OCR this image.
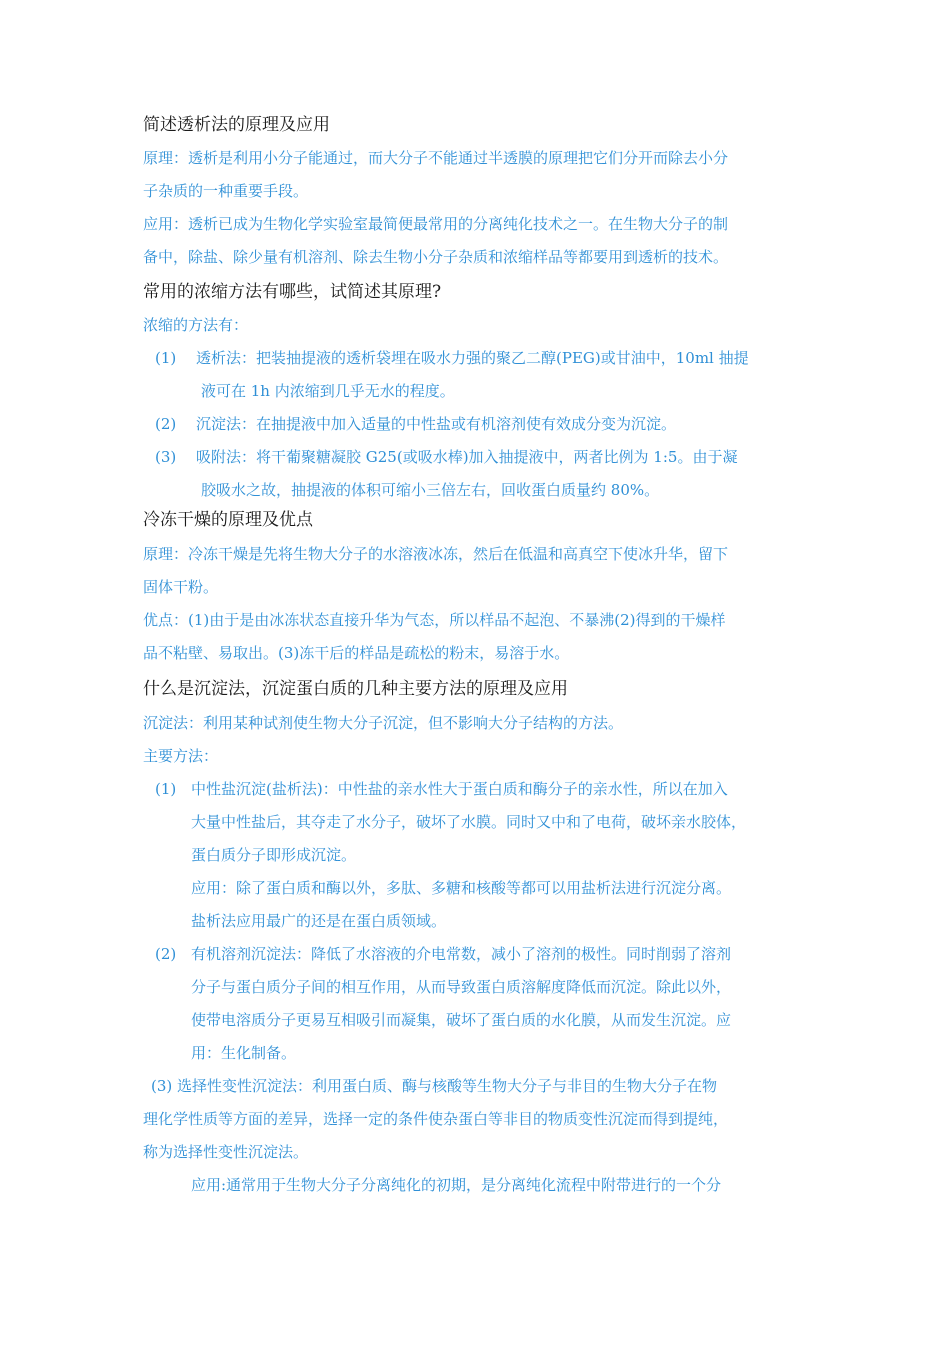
简述透析法的原理及应用
原理：透析是利用小分子能通过，而大分子不能通过半透膜的原理把它们分开而除去小分
子杂质的一种重要手段。
应用：透析已成为生物化学实验室最简便最常用的分离纯化技术之一。在生物大分子的制
备中，除盐、除少量有机溶剂、除去生物小分子杂质和浓缩样品等都要用到透析的技术。
常用的浓缩方法有哪些，试简述其原理?
浓缩的方法有：
(1) 透析法：把装抽提液的透析袋埋在吸水力强的聚乙二醇(PEG)或甘油中，10ml 抽提
液可在 1h 内浓缩到几乎无水的程度。
(2) 沉淀法：在抽提液中加入适量的中性盐或有机溶剂使有效成分变为沉淀。
(3) 吸附法：将干葡聚糖凝胶 G25(或吸水棒)加入抽提液中，两者比例为 1:5。由于凝
胶吸水之故，抽提液的体积可缩小三倍左右，回收蛋白质量约 80%。
冷冻干燥的原理及优点
原理：冷冻干燥是先将生物大分子的水溶液冰冻，然后在低温和高真空下使冰升华，留下
固体干粉。
优点：(1)由于是由冰冻状态直接升华为气态，所以样品不起泡、不暴沸(2)得到的干燥样
品不粘壁、易取出。(3)冻干后的样品是疏松的粉末，易溶于水。
什么是沉淀法，沉淀蛋白质的几种主要方法的原理及应用
沉淀法：利用某种试剂使生物大分子沉淀，但不影响大分子结构的方法。
主要方法：
(1) 中性盐沉淀(盐析法)：中性盐的亲水性大于蛋白质和酶分子的亲水性，所以在加入
大量中性盐后，其夺走了水分子，破坏了水膜。同时又中和了电荷，破坏亲水胶体，
蛋白质分子即形成沉淀。
应用：除了蛋白质和酶以外，多肽、多糖和核酸等都可以用盐析法进行沉淀分离。
盐析法应用最广的还是在蛋白质领域。
(2) 有机溶剂沉淀法：降低了水溶液的介电常数，减小了溶剂的极性。同时削弱了溶剂
分子与蛋白质分子间的相互作用，从而导致蛋白质溶解度降低而沉淀。除此以外，
使带电溶质分子更易互相吸引而凝集，破坏了蛋白质的水化膜，从而发生沉淀。应
用：生化制备。
(3) 选择性变性沉淀法：利用蛋白质、酶与核酸等生物大分子与非目的生物大分子在物
理化学性质等方面的差异，选择一定的条件使杂蛋白等非目的物质变性沉淀而得到提纯，
称为选择性变性沉淀法。
应用:通常用于生物大分子分离纯化的初期，是分离纯化流程中附带进行的一个分
